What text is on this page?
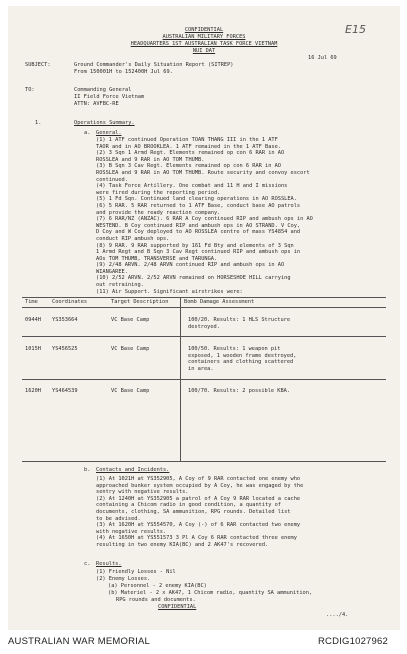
E15
CONFIDENTIAL
AUSTRALIAN MILITARY FORCES
HEADQUARTERS 1ST AUSTRALIAN TASK FORCE VIETNAM
NUI DAT
16 Jul 69
SUBJECT:	Ground Commander's Daily Situation Report (SITREP)
From 150001H to 152400H Jul 69.
TO:	Commanding General
II Field Force Vietnam
ATTN: AVFBC-RE
1.	Operations Summary.
a. General.
(1) 1 ATF continued Operation TOAN THANG III in the 1 ATF
TAOR and in AO BROOKLEA. 1 ATF remained in the 1 ATF Base.
(2) 3 Sqn 1 Armd Regt. Elements remained op con 6 RAR in AO
ROSSLEA and 9 RAR in AO TOM THUMB.
(3) B Sqn 3 Cav Regt. Elements remained op con 6 RAR in AO
ROSSLEA and 9 RAR in AO TOM THUMB. Route security and convoy escort
continued.
(4) Task Force Artillery. One combat and 11 H and I missions
were fired during the reporting period.
(5) 1 Fd Sqn. Continued land clearing operations in AO ROSSLEA.
(6) 5 RAR. 5 RAR returned to 1 ATF Base, conduct base AO patrols
and provide the ready reaction company.
(7) 6 RAR/NZ (ANZAC). 6 RAR A Coy continued RIP and ambush ops in AO
WESTEND. B Coy continued RIP and ambush ops in AO STRAND. V Coy,
D Coy and W Coy deployed to AO ROSSLEA centre of mass YS4854 and
conduct RIP ambush ops.
(8) 9 RAR. 9 RAR supported by 161 Fd Bty and elements of 3 Sqn
1 Armd Regt and B Sqn 3 Cav Regt continued RIP and ambush ops in
AOs TOM THUMB, TRANSVERSE and TARUNGA.
(9) 2/48 ARVN. 2/48 ARVN continued RIP and ambush ops in AO
WIANGAREE.
(10) 2/52 ARVN. 2/52 ARVN remained on HORSESHOE HILL carrying
out retraining.
(11) Air Support. Significant airstrikes were:
Time	Coordinates	Target Description	Bomb Damage Assessment
0944H YS353664	VC Base Camp	100/20. Results: 1 HLS Structure
destroyed.
1015H YS456525	VC Base Camp	100/50. Results: 1 weapon pit
exposed, 1 wooden frame destroyed,
containers and clothing scattered
in area.
1620H YS464539	VC Base Camp	100/70. Results: 2 possible KBA.
b. Contacts and Incidents.
(1) At 1021H at YS352905, A Coy of 9 RAR contacted one enemy who
approached bunker system occupied by A Coy, he was engaged by the
sentry with negative results.
(2) At 1240H at YS352905 a patrol of A Coy 9 RAR located a cache
containing a Chicom radio in good condition, a quantity of
documents, clothing, SA ammunition, RPG rounds. Detailed list
to be advised.
(3) At 1620H at YS554570, A Coy (-) of 6 RAR contacted two enemy
with negative results.
(4) At 1650H at YS551573 3 Pl A Coy 6 RAR contacted three enemy
resulting in two enemy KIA(BC) and 2 AK47's recovered.
c. Results.
(1) Friendly Losses - Nil
(2) Enemy Losses.
(a) Personnel - 2 enemy KIA(BC)
(b) Materiel - 2 x AK47, 1 Chicom radio, quantity SA ammunition,
RPG rounds and documents.
CONFIDENTIAL
..../4.
AUSTRALIAN WAR MEMORIAL	RCDIG1027962
